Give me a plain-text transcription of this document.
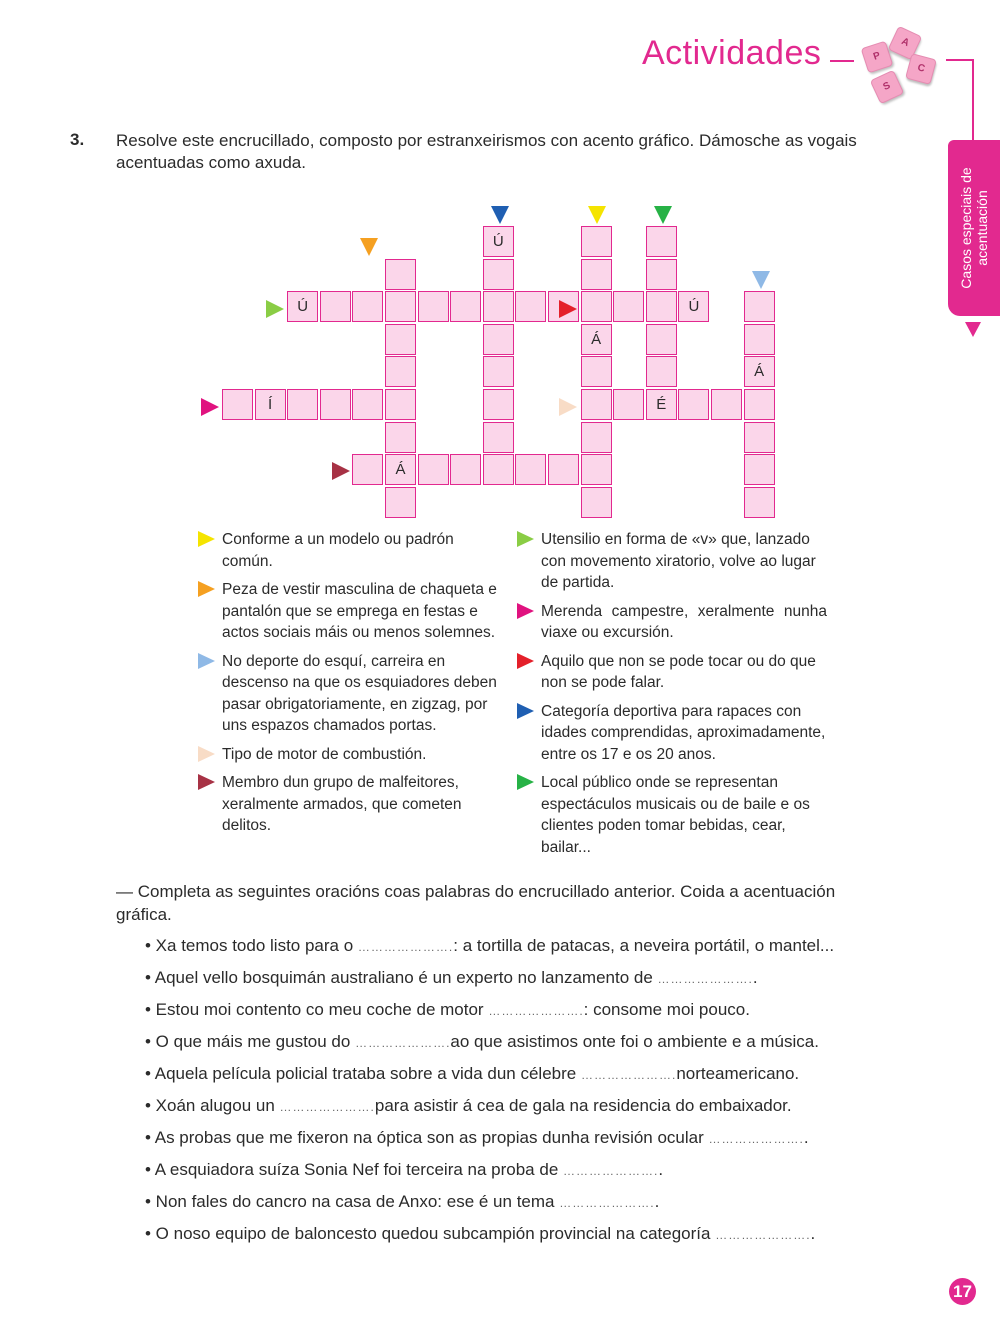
Actividades	P
A
C
S
Casos especiais de acentuación
3. Resolve este encrucillado, composto por estranxeirismos con acento gráfico. Dámosche as vogais acentuadas como axuda.
Á
Ú
Á
É
Á
Ú	Ú
Í
Conforme a un modelo ou padrón común.
Peza de vestir masculina de chaqueta e pantalón que se emprega en festas e actos sociais máis ou menos solemnes.
No deporte do esquí, carreira en descenso na que os esquiadores deben pasar obrigatoriamente, en zigzag, por uns espazos chamados portas.
Tipo de motor de combustión.
Membro dun grupo de malfeitores, xeralmente armados, que cometen delitos.
Utensilio en forma de «v» que, lanzado con movemento xiratorio, volve ao lugar de partida.
Merenda campestre, xeralmente nunha viaxe ou excursión.
Aquilo que non se pode tocar ou do que non se pode falar.
Categoría deportiva para rapaces con idades comprendidas, aproximadamente, entre os 17 e os 20 anos.
Local público onde se representan espectáculos musicais ou de baile e os clientes poden tomar bebidas, cear, bailar...
— Completa as seguintes oracións coas palabras do encrucillado anterior. Coida a acentuación gráfica.
• Xa temos todo listo para o ………………….: a tortilla de patacas, a neveira portátil, o mantel...
• Aquel vello bosquimán australiano é un experto no lanzamento de …………………..
• Estou moi contento co meu coche de motor ………………….: consome moi pouco.
• O que máis me gustou do ………………….ao que asistimos onte foi o ambiente e a música.
• Aquela película policial trataba sobre a vida dun célebre ………………….norteamericano.
• Xoán alugou un ………………….para asistir á cea de gala na residencia do embaixador.
• As probas que me fixeron na óptica son as propias dunha revisión ocular …………………..
• A esquiadora suíza Sonia Nef foi terceira na proba de …………………..
• Non fales do cancro na casa de Anxo: ese é un tema …………………..
• O noso equipo de baloncesto quedou subcampión provincial na categoría …………………..
17
